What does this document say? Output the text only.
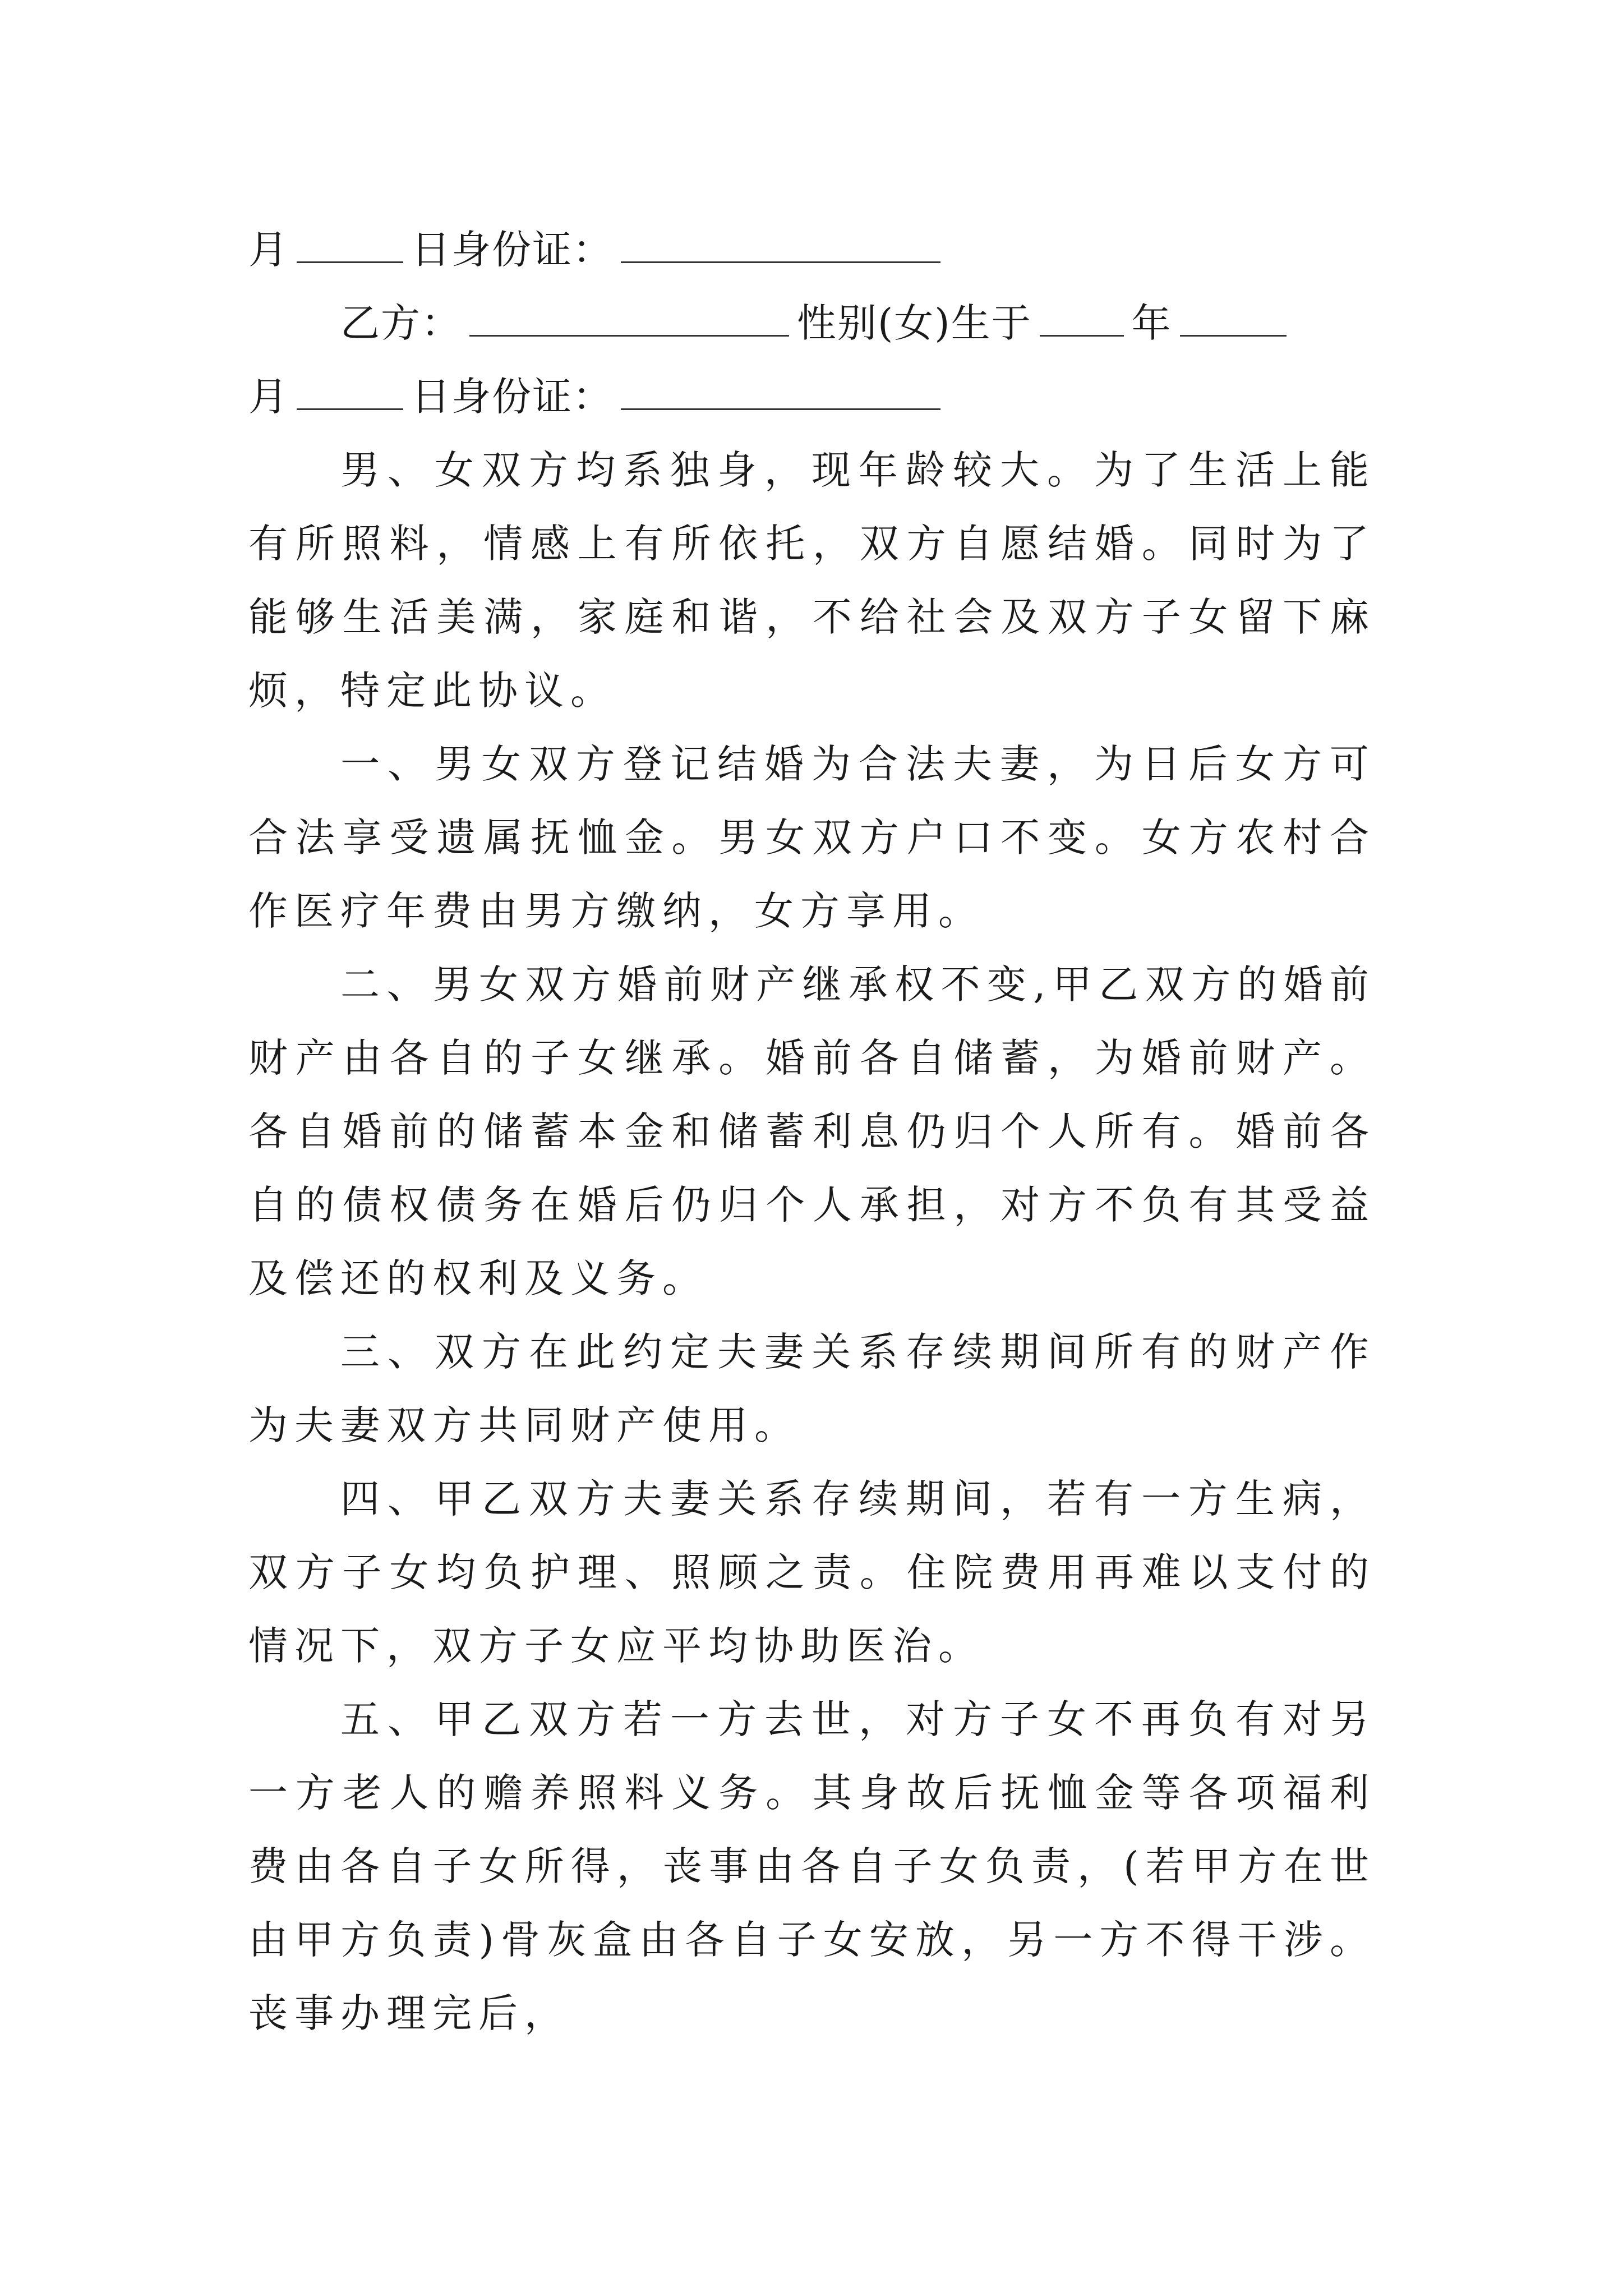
月	日身份证：
乙方：	性别(女)生于	年
月	日身份证：

男、女双方均系独身，现年龄较大。为了生活上能有所照料，情感上有所依托，双方自愿结婚。同时为了能够生活美满，家庭和谐，不给社会及双方子女留下麻烦，特定此协议。

一、男女双方登记结婚为合法夫妻，为日后女方可合法享受遗属抚恤金。男女双方户口不变。女方农村合作医疗年费由男方缴纳，女方享用。

二、男女双方婚前财产继承权不变,甲乙双方的婚前财产由各自的子女继承。婚前各自储蓄，为婚前财产。各自婚前的储蓄本金和储蓄利息仍归个人所有。婚前各自的债权债务在婚后仍归个人承担，对方不负有其受益及偿还的权利及义务。

三、双方在此约定夫妻关系存续期间所有的财产作为夫妻双方共同财产使用。

四、甲乙双方夫妻关系存续期间，若有一方生病，双方子女均负护理、照顾之责。住院费用再难以支付的情况下，双方子女应平均协助医治。

五、甲乙双方若一方去世，对方子女不再负有对另一方老人的赡养照料义务。其身故后抚恤金等各项福利费由各自子女所得，丧事由各自子女负责，(若甲方在世由甲方负责)骨灰盒由各自子女安放，另一方不得干涉。丧事办理完后，
